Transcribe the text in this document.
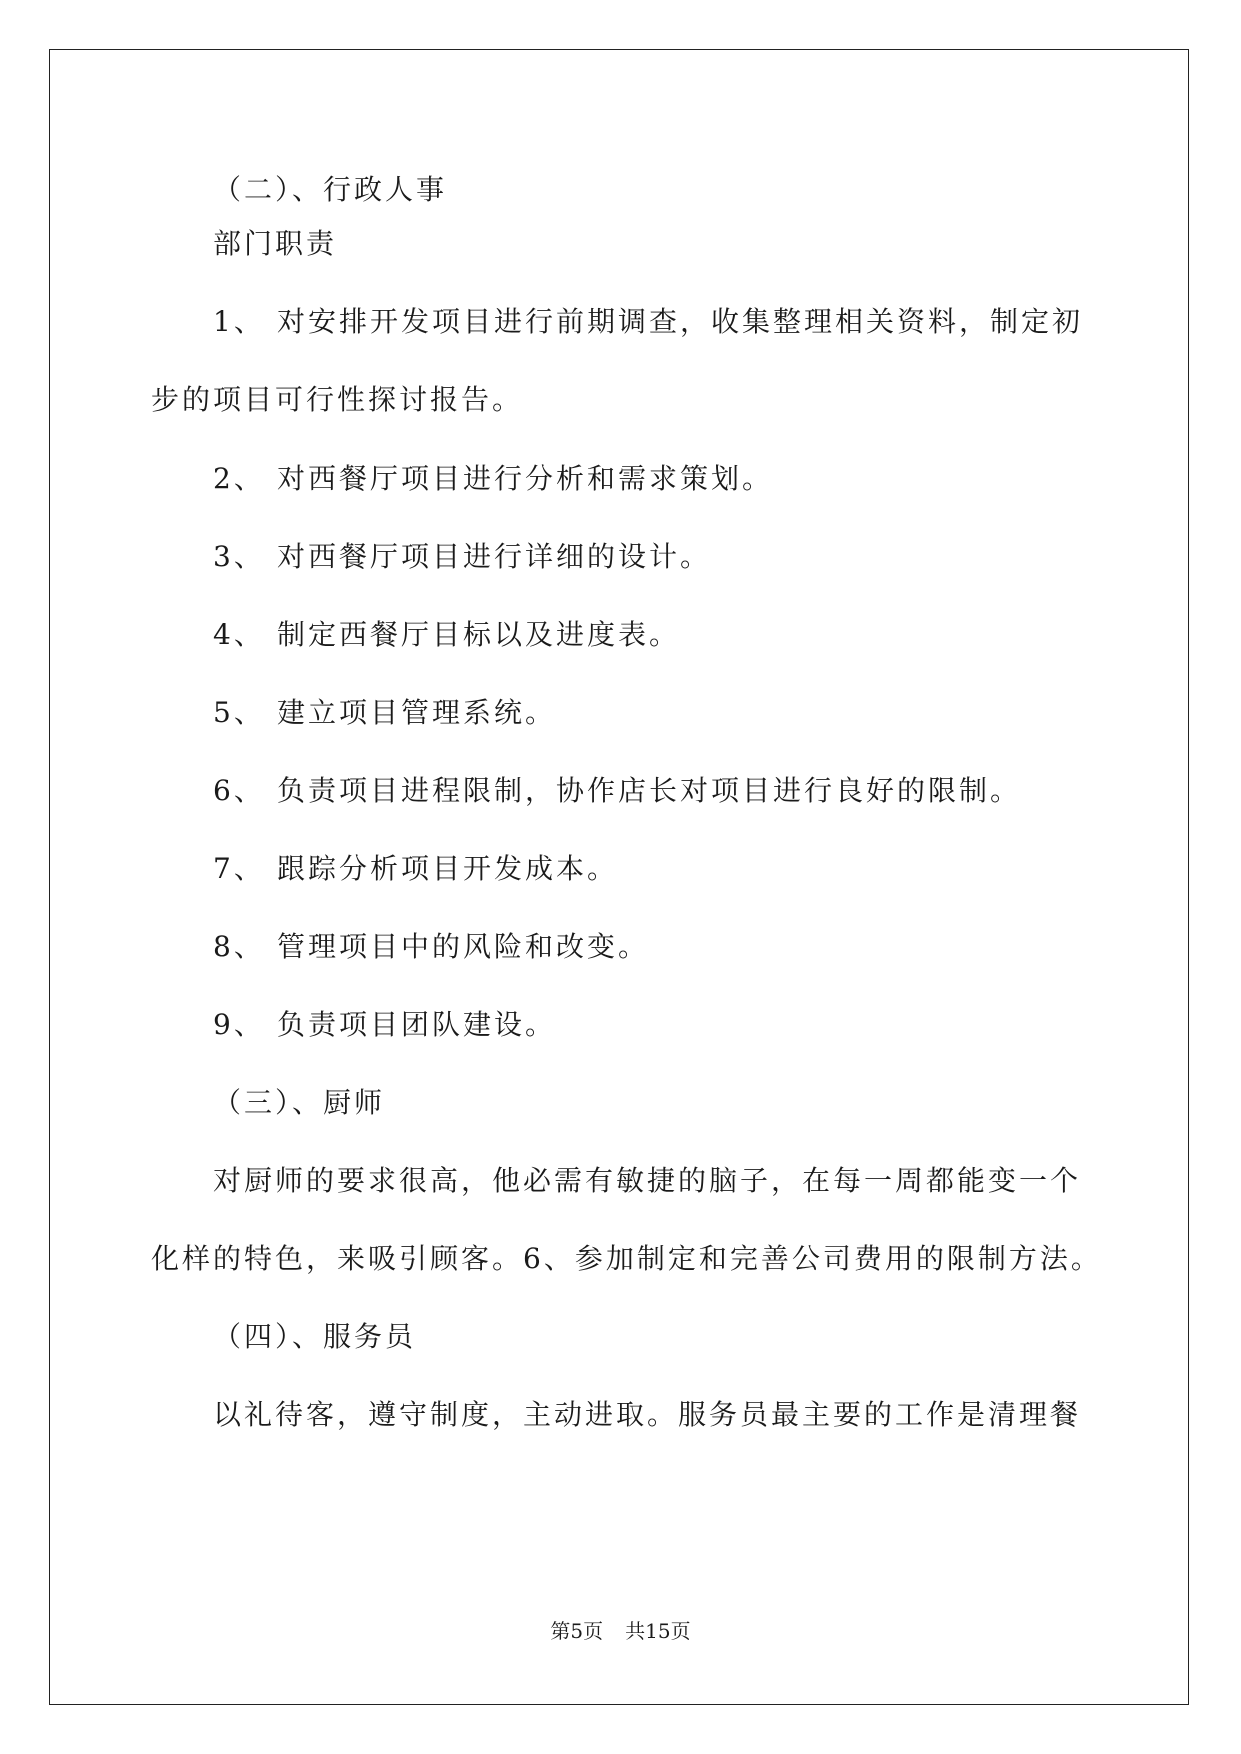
（二）、行政人事
部门职责
1、 对安排开发项目进行前期调查，收集整理相关资料，制定初
步的项目可行性探讨报告。
2、 对西餐厅项目进行分析和需求策划。
3、 对西餐厅项目进行详细的设计。
4、 制定西餐厅目标以及进度表。
5、 建立项目管理系统。
6、 负责项目进程限制，协作店长对项目进行良好的限制。
7、 跟踪分析项目开发成本。
8、 管理项目中的风险和改变。
9、 负责项目团队建设。
（三）、厨师
对厨师的要求很高，他必需有敏捷的脑子，在每一周都能变一个
化样的特色，来吸引顾客。6、参加制定和完善公司费用的限制方法。
（四）、服务员
以礼待客，遵守制度，主动进取。服务员最主要的工作是清理餐
第5页 共15页
